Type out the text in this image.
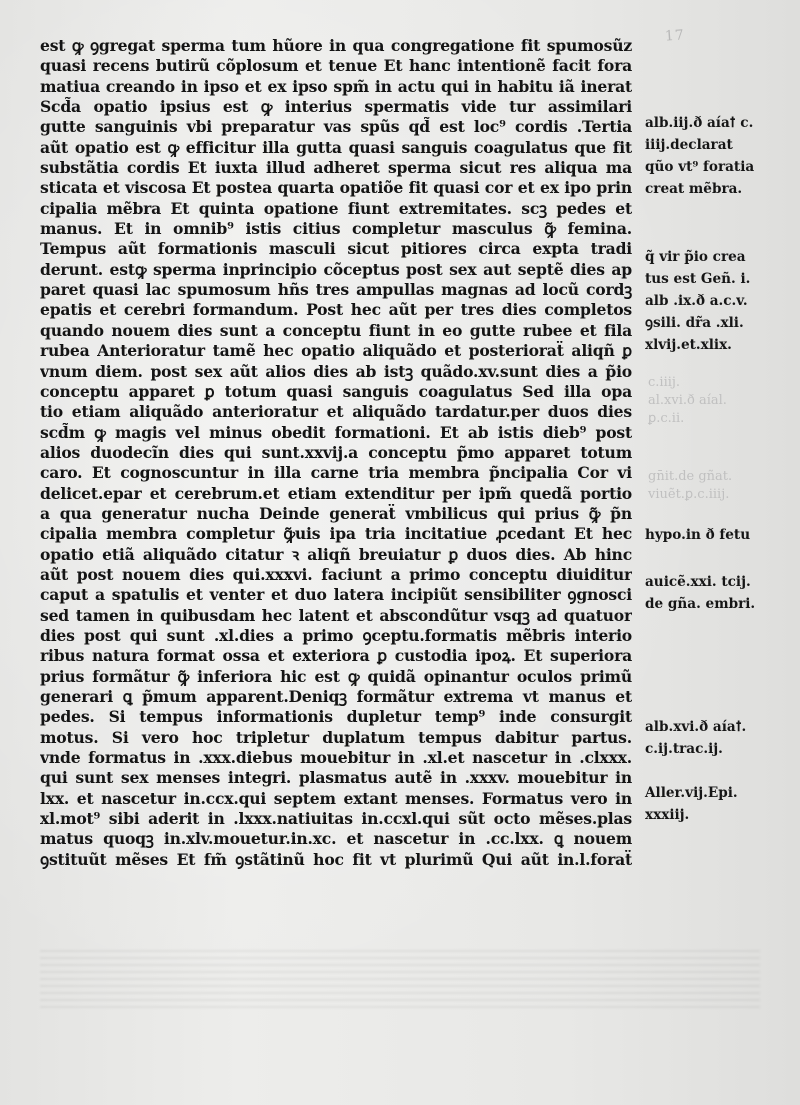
17
est ꝙ ꝯgregat sperma tum hũore in qua congregatione fit spumosũz
quasi recens butirũ cõplosum et tenue Et hanc intentionẽ facit fora
matiua creando in ipso et ex ipso spm̃ in actu qui in habitu iã inerat
Scd̃a opatio ipsius est ꝙ interius spermatis vide tur assimilari
gutte sanguinis vbi preparatur vas spũs qd̃ est loc⁹ cordis .Tertia
aũt opatio est ꝙ efficitur illa gutta quasi sanguis coagulatus que fit
substãtia cordis Et iuxta illud adheret sperma sicut res aliqua ma
sticata et viscosa Et postea quarta opatiõe fit quasi cor et ex ipo prin
cipalia mẽbra Et quinta opatione fiunt extremitates. scꝫ pedes et
manus. Et in omnib⁹ istis citius completur masculus ꝙ̃ femina.
Tempus aũt formationis masculi sicut pitiores circa expta tradi
derunt. estꝙ sperma inprincipio cõceptus post sex aut septẽ dies ap
paret quasi lac spumosum hñs tres ampullas magnas ad locũ cordꝫ
epatis et cerebri formandum. Post hec aũt per tres dies completos
quando nouem dies sunt a conceptu fiunt in eo gutte rubee et fila
rubea Anterioratur tamẽ hec opatio aliquãdo et posterioraẗ aliqñ ꝑ
vnum diem. post sex aũt alios dies ab istꝫ quãdo.xv.sunt dies a p̃io
conceptu apparet ꝑ totum quasi sanguis coagulatus Sed illa opa
tio etiam aliquãdo anterioratur et aliquãdo tardatur.per duos dies
scd̃m ꝙ magis vel minus obedit formationi. Et ab istis dieb⁹ post
alios duodecĩn dies qui sunt.xxvij.a conceptu p̃mo apparet totum
caro. Et cognoscuntur in illa carne tria membra p̃ncipalia Cor vi
delicet.epar et cerebrum.et etiam extenditur per ipm̃ quedã portio
a qua generatur nucha Deinde generaẗ vmbilicus qui prius ꝙ̃ p̃n
cipalia membra completur ꝙ̃uis ipa tria incitatiue ꝓcedant Et hec
opatio etiã aliquãdo citatur ꝛ aliqñ breuiatur ꝑ duos dies. Ab hinc
aũt post nouem dies qui.xxxvi. faciunt a primo conceptu diuiditur
caput a spatulis et venter et duo latera incipiũt sensibiliter ꝯgnosci
sed tamen in quibusdam hec latent et abscondũtur vsqꝫ ad quatuor
dies post qui sunt .xl.dies a primo ꝯceptu.formatis mẽbris interio
ribus natura format ossa et exteriora ꝑ custodia ipoꝝ. Et superiora
prius formãtur ꝙ̃ inferiora hic est ꝙ quidã opinantur oculos primũ
generari ꝗ p̃mum apparent.Deniqꝫ formãtur extrema vt manus et
pedes. Si tempus informationis dupletur temp⁹ inde consurgit
motus. Si vero hoc tripletur duplatum tempus dabitur partus.
vnde formatus in .xxx.diebus mouebitur in .xl.et nascetur in .clxxx.
qui sunt sex menses integri. plasmatus autẽ in .xxxv. mouebitur in
lxx. et nascetur in.ccx.qui septem extant menses. Formatus vero in
xl.mot⁹ sibi aderit in .lxxx.natiuitas in.ccxl.qui sũt octo mẽses.plas
matus quoqꝫ in.xlv.mouetur.in.xc. et nascetur in .cc.lxx. ꝗ nouem
ꝯstituũt mẽses Et fm̃ ꝯstãtinũ hoc fit vt plurimũ Qui aũt in.l.foraẗ
alb.iij.ð aíaꝉ c.
iiij.declarat
qũo vt⁹ foratia
creat mẽbra.
q̃ vir p̃io crea
tus est Geñ. i.
alb .ix.ð a.c.v.
ꝯsili. dr̃a .xli.
xlvij.et.xlix.
c.iiij.
al.xvi.ð aíal.
ꝑ.c.ii.
gn̄it.de gñat.
viuẽt.ꝑ.c.iiij.
hypo.in ð fetu
auicẽ.xxi. tcij.
de gña. embri.
alb.xvi.ð aíaꝉ.
c.ij.trac.ij.
Aller.vij.Epi.
xxxiij.
